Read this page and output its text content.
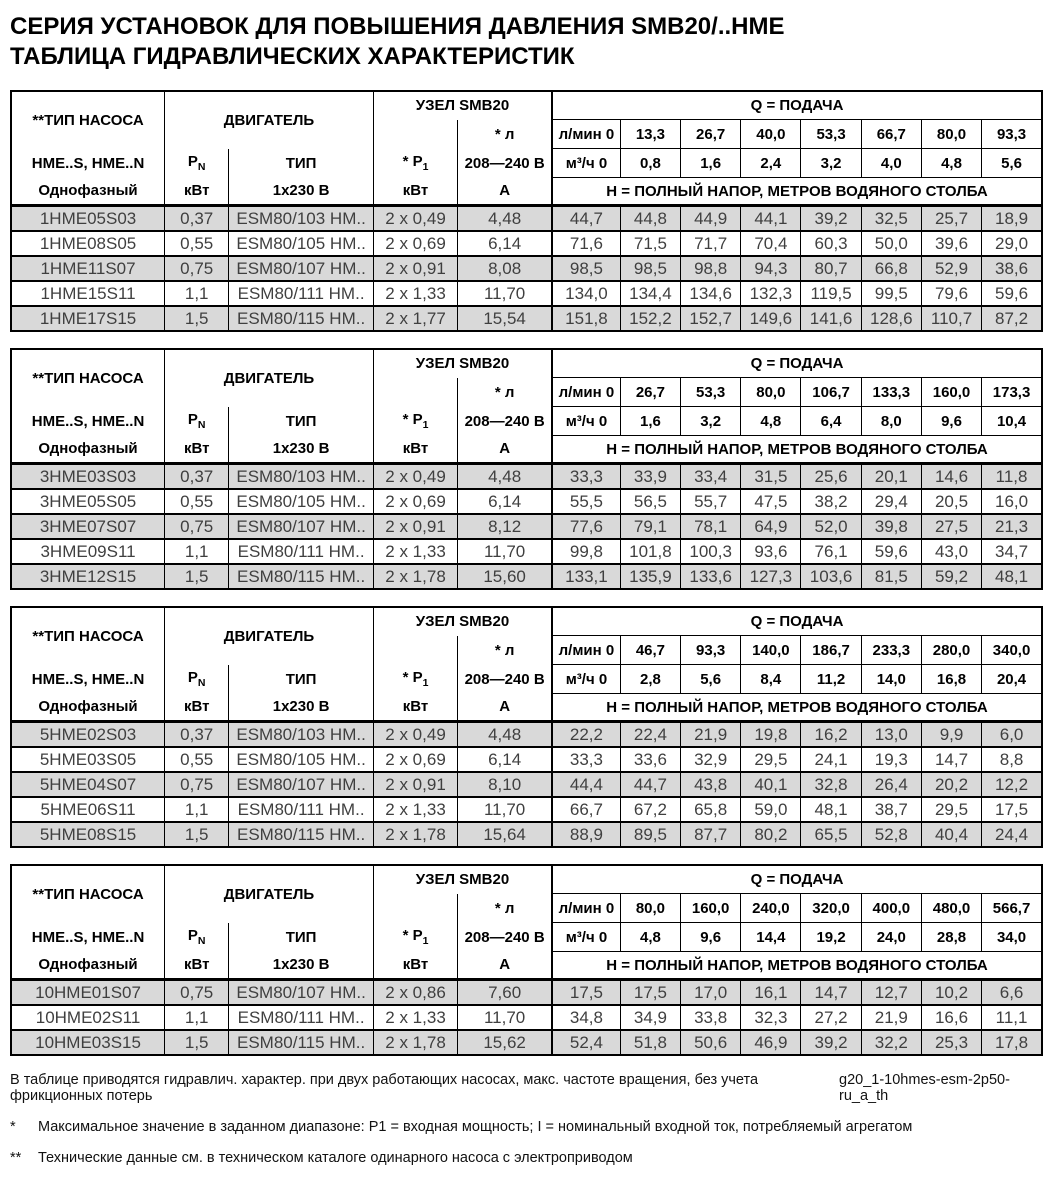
СЕРИЯ УСТАНОВОК ДЛЯ ПОВЫШЕНИЯ ДАВЛЕНИЯ SMB20/..HME
ТАБЛИЦА ГИДРАВЛИЧЕСКИХ ХАРАКТЕРИСТИК
**ТИП НАСОСА	ДВИГАТЕЛЬ		УЗЕЛ SMB20		Q = ПОДАЧА							
				* л	л/мин 0	13,3	26,7	40,0	53,3	66,7	80,0	93,3
HME..S, HME..N	$P_N$	ТИП	* $P_1$	208—240 В	м³/ч 0	0,8	1,6	2,4	3,2	4,0	4,8	5,6
Однофазный	кВт	1x230 В	кВт	А	Н = ПОЛНЫЙ НАПОР, МЕТРОВ ВОДЯНОГО СТОЛБА							
1HME05S03	0,37	ESM80/103 HM..	2 x 0,49	4,48	44,7	44,8	44,9	44,1	39,2	32,5	25,7	18,9
1HME08S05	0,55	ESM80/105 HM..	2 x 0,69	6,14	71,6	71,5	71,7	70,4	60,3	50,0	39,6	29,0
1HME11S07	0,75	ESM80/107 HM..	2 x 0,91	8,08	98,5	98,5	98,8	94,3	80,7	66,8	52,9	38,6
1HME15S11	1,1	ESM80/111 HM..	2 x 1,33	11,70	134,0	134,4	134,6	132,3	119,5	99,5	79,6	59,6
1HME17S15	1,5	ESM80/115 HM..	2 x 1,77	15,54	151,8	152,2	152,7	149,6	141,6	128,6	110,7	87,2
**ТИП НАСОСА	ДВИГАТЕЛЬ		УЗЕЛ SMB20		Q = ПОДАЧА							
				* л	л/мин 0	26,7	53,3	80,0	106,7	133,3	160,0	173,3
HME..S, HME..N	$P_N$	ТИП	* $P_1$	208—240 В	м³/ч 0	1,6	3,2	4,8	6,4	8,0	9,6	10,4
Однофазный	кВт	1x230 В	кВт	А	Н = ПОЛНЫЙ НАПОР, МЕТРОВ ВОДЯНОГО СТОЛБА							
3HME03S03	0,37	ESM80/103 HM..	2 x 0,49	4,48	33,3	33,9	33,4	31,5	25,6	20,1	14,6	11,8
3HME05S05	0,55	ESM80/105 HM..	2 x 0,69	6,14	55,5	56,5	55,7	47,5	38,2	29,4	20,5	16,0
3HME07S07	0,75	ESM80/107 HM..	2 x 0,91	8,12	77,6	79,1	78,1	64,9	52,0	39,8	27,5	21,3
3HME09S11	1,1	ESM80/111 HM..	2 x 1,33	11,70	99,8	101,8	100,3	93,6	76,1	59,6	43,0	34,7
3HME12S15	1,5	ESM80/115 HM..	2 x 1,78	15,60	133,1	135,9	133,6	127,3	103,6	81,5	59,2	48,1
**ТИП НАСОСА	ДВИГАТЕЛЬ		УЗЕЛ SMB20		Q = ПОДАЧА							
				* л	л/мин 0	46,7	93,3	140,0	186,7	233,3	280,0	340,0
HME..S, HME..N	$P_N$	ТИП	* $P_1$	208—240 В	м³/ч 0	2,8	5,6	8,4	11,2	14,0	16,8	20,4
Однофазный	кВт	1x230 В	кВт	А	Н = ПОЛНЫЙ НАПОР, МЕТРОВ ВОДЯНОГО СТОЛБА							
5HME02S03	0,37	ESM80/103 HM..	2 x 0,49	4,48	22,2	22,4	21,9	19,8	16,2	13,0	9,9	6,0
5HME03S05	0,55	ESM80/105 HM..	2 x 0,69	6,14	33,3	33,6	32,9	29,5	24,1	19,3	14,7	8,8
5HME04S07	0,75	ESM80/107 HM..	2 x 0,91	8,10	44,4	44,7	43,8	40,1	32,8	26,4	20,2	12,2
5HME06S11	1,1	ESM80/111 HM..	2 x 1,33	11,70	66,7	67,2	65,8	59,0	48,1	38,7	29,5	17,5
5HME08S15	1,5	ESM80/115 HM..	2 x 1,78	15,64	88,9	89,5	87,7	80,2	65,5	52,8	40,4	24,4
**ТИП НАСОСА	ДВИГАТЕЛЬ		УЗЕЛ SMB20		Q = ПОДАЧА							
				* л	л/мин 0	80,0	160,0	240,0	320,0	400,0	480,0	566,7
HME..S, HME..N	$P_N$	ТИП	* $P_1$	208—240 В	м³/ч 0	4,8	9,6	14,4	19,2	24,0	28,8	34,0
Однофазный	кВт	1x230 В	кВт	А	Н = ПОЛНЫЙ НАПОР, МЕТРОВ ВОДЯНОГО СТОЛБА							
10HME01S07	0,75	ESM80/107 HM..	2 x 0,86	7,60	17,5	17,5	17,0	16,1	14,7	12,7	10,2	6,6
10HME02S11	1,1	ESM80/111 HM..	2 x 1,33	11,70	34,8	34,9	33,8	32,3	27,2	21,9	16,6	11,1
10HME03S15	1,5	ESM80/115 HM..	2 x 1,78	15,62	52,4	51,8	50,6	46,9	39,2	32,2	25,3	17,8
В таблице приводятся гидравлич. характер. при двух работающих насосах, макс. частоте вращения, без учета фрикционных потерь
g20_1-10hmes-esm-2p50-ru_a_th
*	Максимальное значение в заданном диапазоне: P1 = входная мощность; I = номинальный входной ток, потребляемый агрегатом
**	Технические данные см. в техническом каталоге одинарного насоса с электроприводом
